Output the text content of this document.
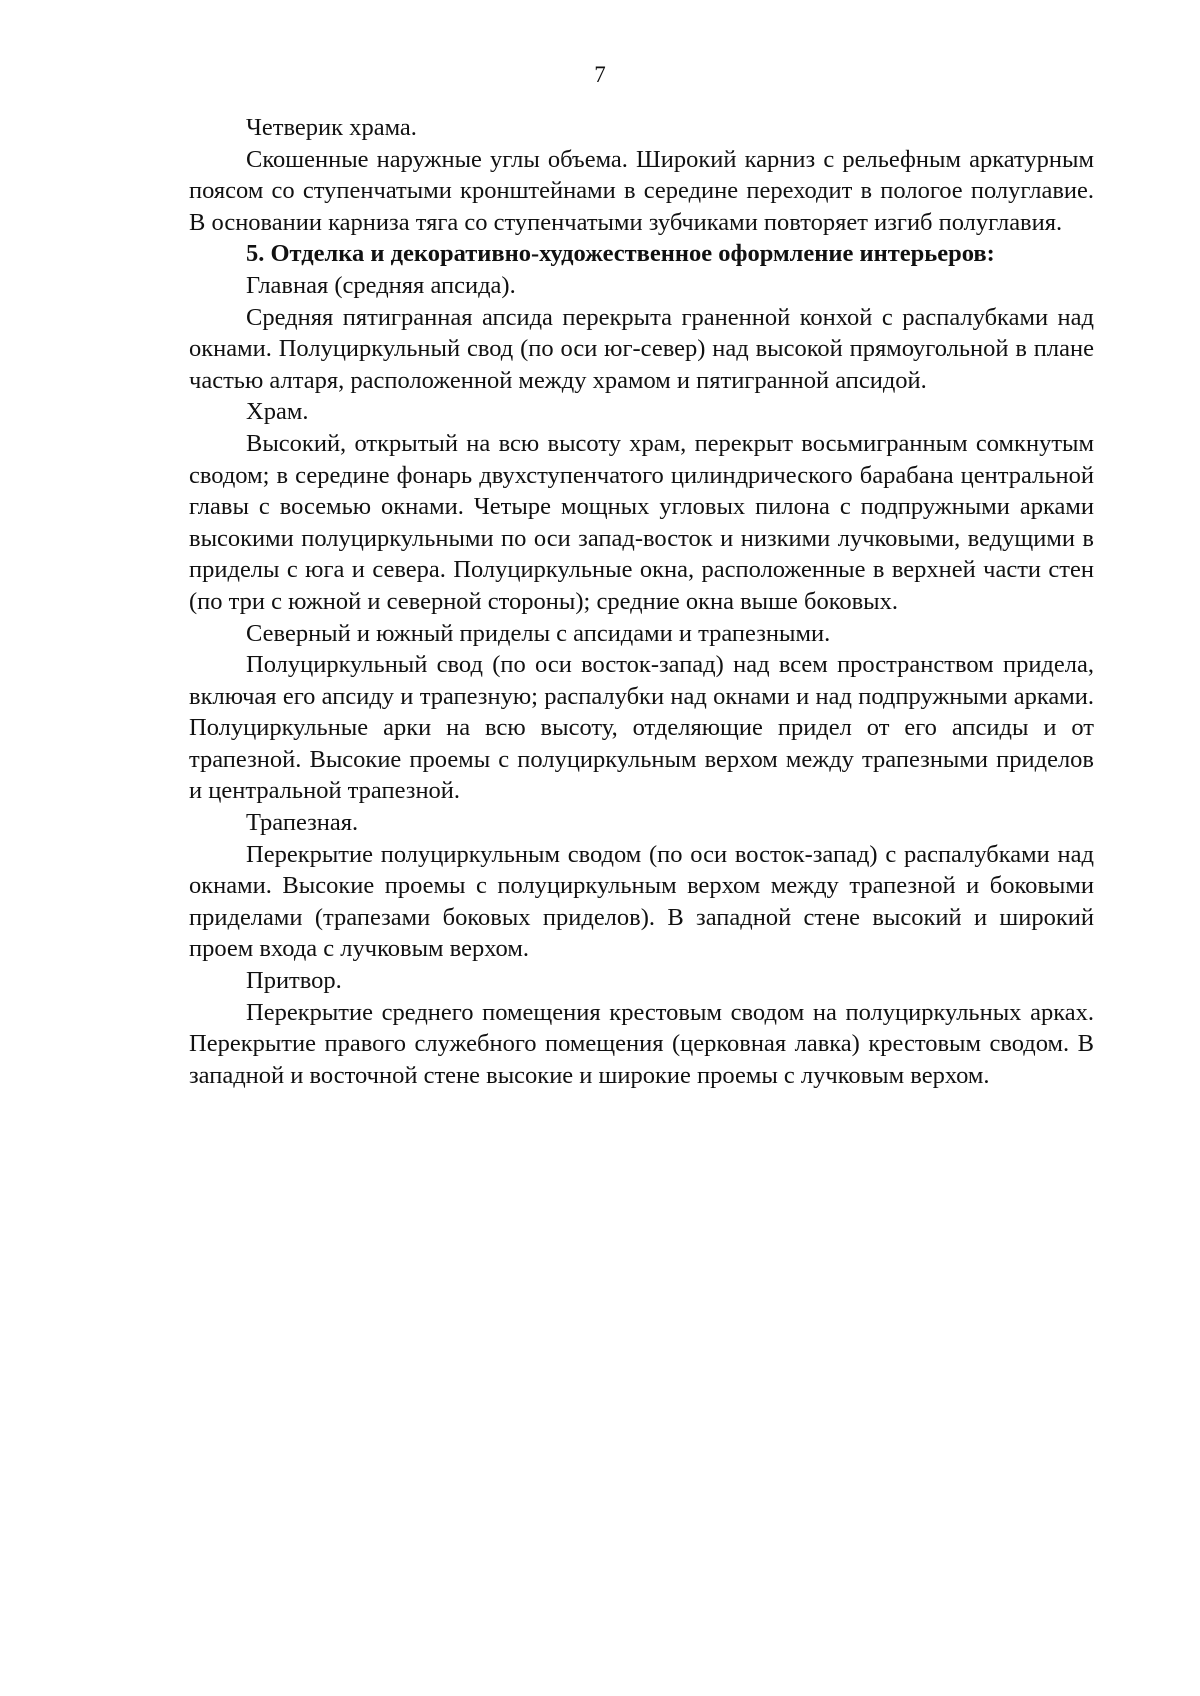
7

Четверик храма.

Скошенные наружные углы объема. Широкий карниз с рельефным аркатурным поясом со ступенчатыми кронштейнами в середине переходит в пологое полуглавие. В основании карниза тяга со ступенчатыми зубчиками повторяет изгиб полуглавия.

5. Отделка и декоративно-художественное оформление интерьеров:

Главная (средняя апсида).

Средняя пятигранная апсида перекрыта граненной конхой с распалубками над окнами. Полуциркульный свод (по оси юг-север) над высокой прямоугольной в плане частью алтаря, расположенной между храмом и пятигранной апсидой.

Храм.

Высокий, открытый на всю высоту храм, перекрыт восьмигранным сомкнутым сводом; в середине фонарь двухступенчатого цилиндрического барабана центральной главы с восемью окнами. Четыре мощных угловых пилона с подпружными арками высокими полуциркульными по оси запад-восток и низкими лучковыми, ведущими в приделы с юга и севера. Полуциркульные окна, расположенные в верхней части стен (по три с южной и северной стороны); средние окна выше боковых.

Северный и южный приделы с апсидами и трапезными.

Полуциркульный свод (по оси восток-запад) над всем пространством придела, включая его апсиду и трапезную; распалубки над окнами и над подпружными арками. Полуциркульные арки на всю высоту, отделяющие придел от его апсиды и от трапезной. Высокие проемы с полуциркульным верхом между трапезными приделов и центральной трапезной.

Трапезная.

Перекрытие полуциркульным сводом (по оси восток-запад) с распалубками над окнами. Высокие проемы с полуциркульным верхом между трапезной и боковыми приделами (трапезами боковых приделов). В западной стене высокий и широкий проем входа с лучковым верхом.

Притвор.

Перекрытие среднего помещения крестовым сводом на полуциркульных арках. Перекрытие правого служебного помещения (церковная лавка) крестовым сводом. В западной и восточной стене высокие и широкие проемы с лучковым верхом.
